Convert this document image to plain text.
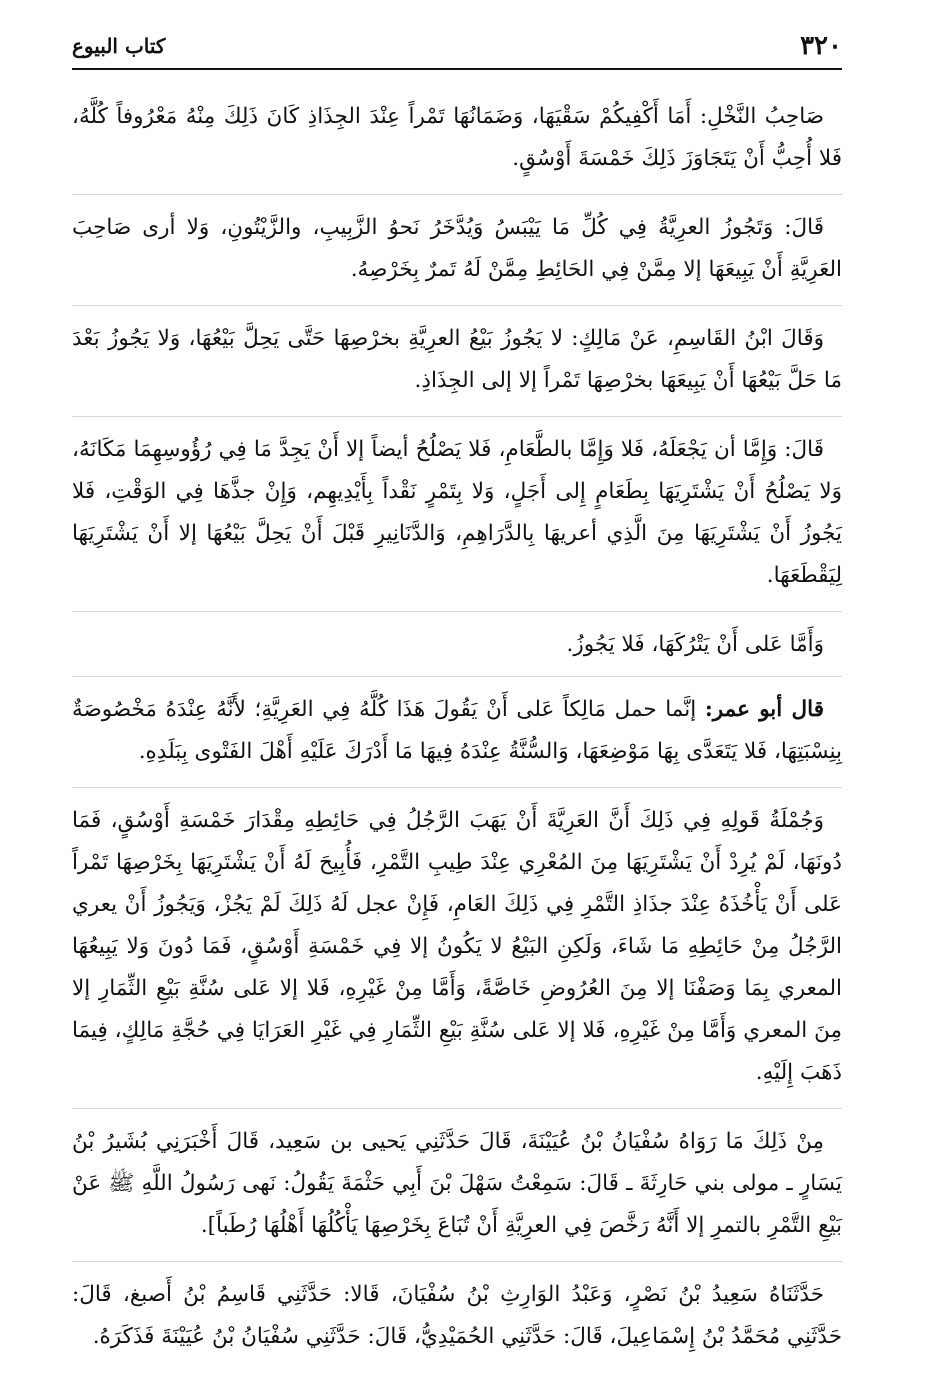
٣٢٠
كتاب البيوع

صَاحِبُ النَّخْلِ: أَمَا أَكْفِيكُمْ سَقْيَهَا، وَضَمَانُهَا تَمْراً عِنْدَ الجِذَاذِ كَانَ ذَلِكَ مِنْهُ مَعْرُوفاً كُلَّهُ، فَلا أُحِبُّ أَنْ يَتَجَاوَزَ ذَلِكَ خَمْسَةَ أَوْسُقٍ.

قَالَ: وَتَجُوزُ العرِيَّةُ فِي كُلِّ مَا يَيْبَسُ وَيُدَّخَرُ نَحوُ الزَّبِيبِ، والزَّيْتُونِ، وَلا أرى صَاحِبَ العَرِيَّةِ أَنْ يَبِيعَهَا إلا مِمَّنْ فِي الحَائِطِ مِمَّنْ لَهُ تَمرٌ بِخَرْصِهُ.

وَقَالَ ابْنُ القَاسِمِ، عَنْ مَالِكٍ: لا يَجُوزُ بَيْعُ العرِيَّةِ بخرْصِهَا حَتَّى يَحِلَّ بَيْعُهَا، وَلا يَجُوزُ بَعْدَ مَا حَلَّ بَيْعُهَا أَنْ يَبِيعَهَا بخرْصِهَا تَمْراً إلا إلى الجِذَاذِ.

قَالَ: وَإِمَّا أن يَجْعَلَهُ، فَلا وَإِمَّا بالطَّعَامِ، فَلا يَصْلُحُ أيضاً إلا أَنْ يَجِدَّ مَا فِي رُؤُوسِهِمَا مَكَانَهُ، وَلا يَصْلُحُ أَنْ يَشْتَرِيَهَا بِطَعَامٍ إِلى أَجَلٍ، وَلا بِتَمْرٍ نَقْداً بِأَيْدِيهِم، وَإِنْ جذَّهَا فِي الوَقْتِ، فَلا يَجُوزُ أَنْ يَشْتَرِيَهَا مِنَ الَّذِي أعريهَا بِالدَّرَاهِمِ، وَالدَّنَانِيرِ قَبْلَ أَنْ يَحِلَّ بَيْعُهَا إلا أَنْ يَشْتَرِيَهَا لِيَقْطَعَهَا.

وَأَمَّا عَلى أَنْ يَتْرُكَهَا، فَلا يَجُوزُ.

قال أبو عمر: إنَّما حمل مَالِكاً عَلى أَنْ يَقُولَ هَذَا كُلَّهُ فِي العَرِيَّةِ؛ لأَنَّهُ عِنْدَهُ مَخْصُوصَةٌ بِنِسْبَتِهَا، فَلا يَتَعَدَّى بِهَا مَوْضِعَهَا، وَالسُّنَّةُ عِنْدَهُ فِيهَا مَا أَدْرَكَ عَلَيْهِ أَهْلَ الفَتْوى بِبَلَدِهِ.

وَجُمْلَةُ قَولِهِ فِي ذَلِكَ أَنَّ العَرِيَّةَ أَنْ يَهَبَ الرَّجُلُ فِي حَائِطِهِ مِقْدَارَ خَمْسَةِ أَوْسُقٍ، فَمَا دُونَهَا، لَمْ يُرِدْ أَنْ يَشْتَرِيَهَا مِنَ المُعْرِي عِنْدَ طِيبِ التَّمْرِ، فَأُبِيحَ لَهُ أَنْ يَشْتَرِيَهَا بِخَرْصِهَا تَمْراً عَلى أَنْ يَأْخُذَهُ عِنْدَ جذَاذِ التَّمْرِ فِي ذَلِكَ العَامِ، فَإِنْ عجل لَهُ ذَلِكَ لَمْ يَجُزْ، وَيَجُوزُ أَنْ يعري الرَّجُلُ مِنْ حَائِطِهِ مَا شَاءَ، وَلَكِنِ البَيْعُ لا يَكُونُ إلا فِي خَمْسَةِ أَوْسُقٍ، فَمَا دُونَ وَلا يَبِيعُهَا المعري بِمَا وَصَفْنَا إلا مِنَ العُرُوضِ خَاصَّةً، وَأَمَّا مِنْ غَيْرِهِ، فَلا إلا عَلى سُنَّةِ بَيْعِ الثِّمَارِ إلا مِنَ المعري وَأَمَّا مِنْ غَيْرِهِ، فَلا إلا عَلى سُنَّةِ بَيْعِ الثِّمَارِ فِي غَيْرِ العَرَايَا فِي حُجَّةِ مَالِكٍ، فِيمَا ذَهَبَ إِلَيْهِ.

مِنْ ذَلِكَ مَا رَوَاهُ سُفْيَانُ بْنُ عُيَيْنَةَ، قَالَ حَدَّثَنِي يَحيى بن سَعِيد، قَالَ أَخْبَرَنِي بُشَيرُ بْنُ يَسَارٍ ـ مولى بني حَارِثَةَ ـ قَالَ: سَمِعْتُ سَهْلَ بْنَ أَبِي حَثْمَةَ يَقُولُ: نَهى رَسُولُ اللَّهِ ﷺ عَنْ بَيْعِ التَّمْرِ بالتمرِ إلا أَنَّهُ رَخَّصَ فِي العرِيَّةِ أَنْ تُبَاعَ بِخَرْصِهَا يَأْكُلُهَا أَهْلُهَا رُطَباً].

حَدَّثَنَاهُ سَعِيدُ بْنُ نَصْرٍ، وَعَبْدُ الوَارِثِ بْنُ سُفْيَانَ، قَالا: حَدَّثَنِي قَاسِمُ بْنُ أَصبغ، قَالَ: حَدَّثَنِي مُحَمَّدُ بْنُ إِسْمَاعِيلَ، قَالَ: حَدَّثَنِي الحُمَيْدِيُّ، قَالَ: حَدَّثَنِي سُفْيَانُ بْنُ عُيَيْنَةَ فَذَكَرَهُ.
